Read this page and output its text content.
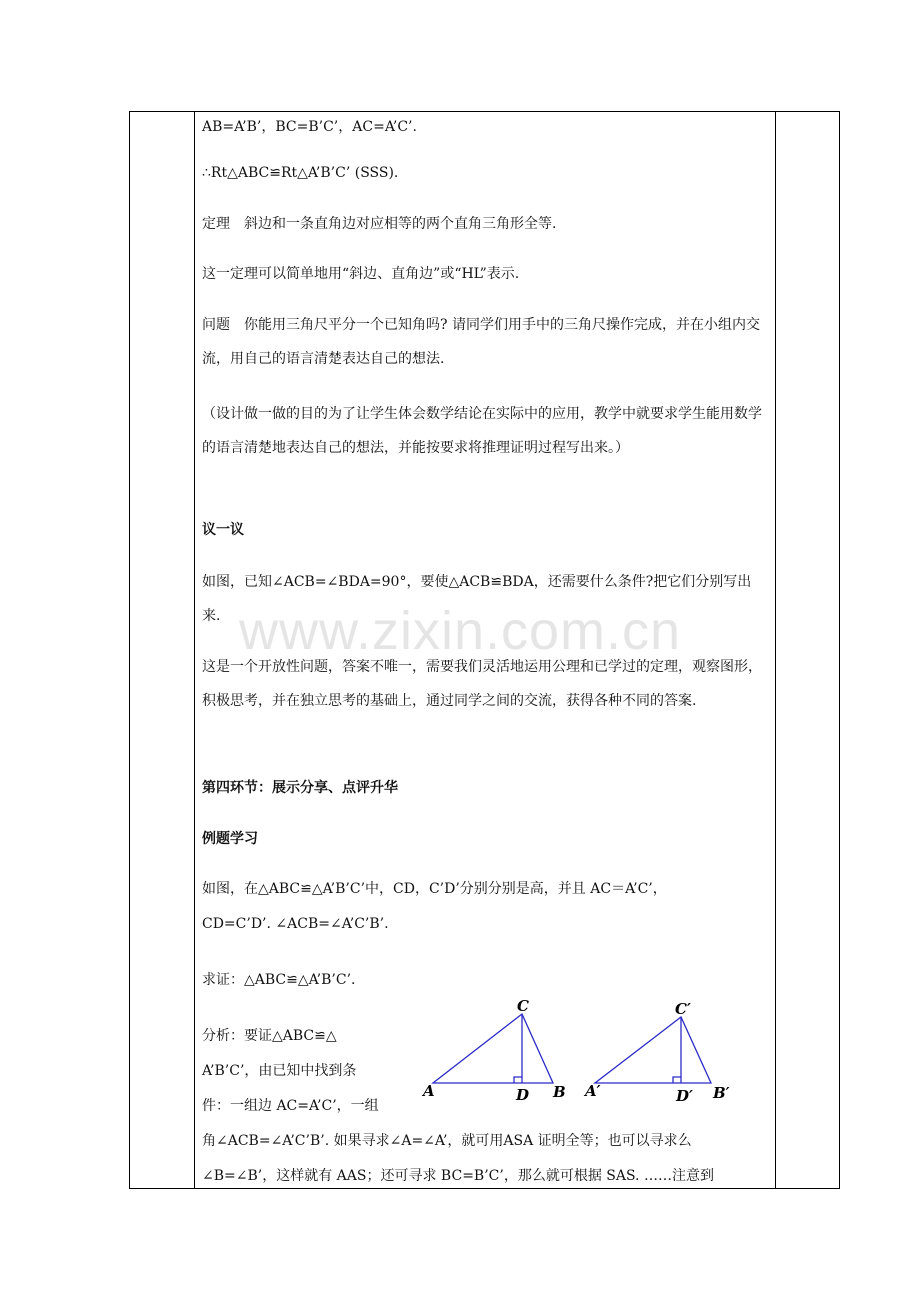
www.zixin.com.cn
AB=A’B’，BC=B’C’，AC=A’C’.
∴Rt△ABC≌Rt△A’B’C’ (SSS).
定理　斜边和一条直角边对应相等的两个直角三角形全等.
这一定理可以简单地用“斜边、直角边”或“HL”表示.
问题　你能用三角尺平分一个已知角吗? 请同学们用手中的三角尺操作完成，并在小组内交流，用自己的语言清楚表达自己的想法.
（设计做一做的目的为了让学生体会数学结论在实际中的应用，教学中就要求学生能用数学的语言清楚地表达自己的想法，并能按要求将推理证明过程写出来。）
议一议
如图，已知∠ACB=∠BDA=90°，要使△ACB≌BDA，还需要什么条件?把它们分别写出来.
这是一个开放性问题，答案不唯一，需要我们灵活地运用公理和已学过的定理，观察图形，积极思考，并在独立思考的基础上，通过同学之间的交流，获得各种不同的答案.
第四环节：展示分享、点评升华
例题学习
如图，在△ABC≌△A’B’C’中，CD，C’D’分别分别是高，并且 AC＝A’C’，
CD=C’D’. ∠ACB=∠A’C’B’.
求证：△ABC≌△A’B’C’.
分析：要证△ABC≌△
A’B’C’，由已知中找到条
件：一组边 AC=A’C’，一组
角∠ACB=∠A’C’B’. 如果寻求∠A=∠A’，就可用ASA 证明全等；也可以寻求么
∠B=∠B’，这样就有 AAS；还可寻求 BC=B’C’，那么就可根据 SAS. ……注意到
C
A	D B
C′
A′	D′ B′
